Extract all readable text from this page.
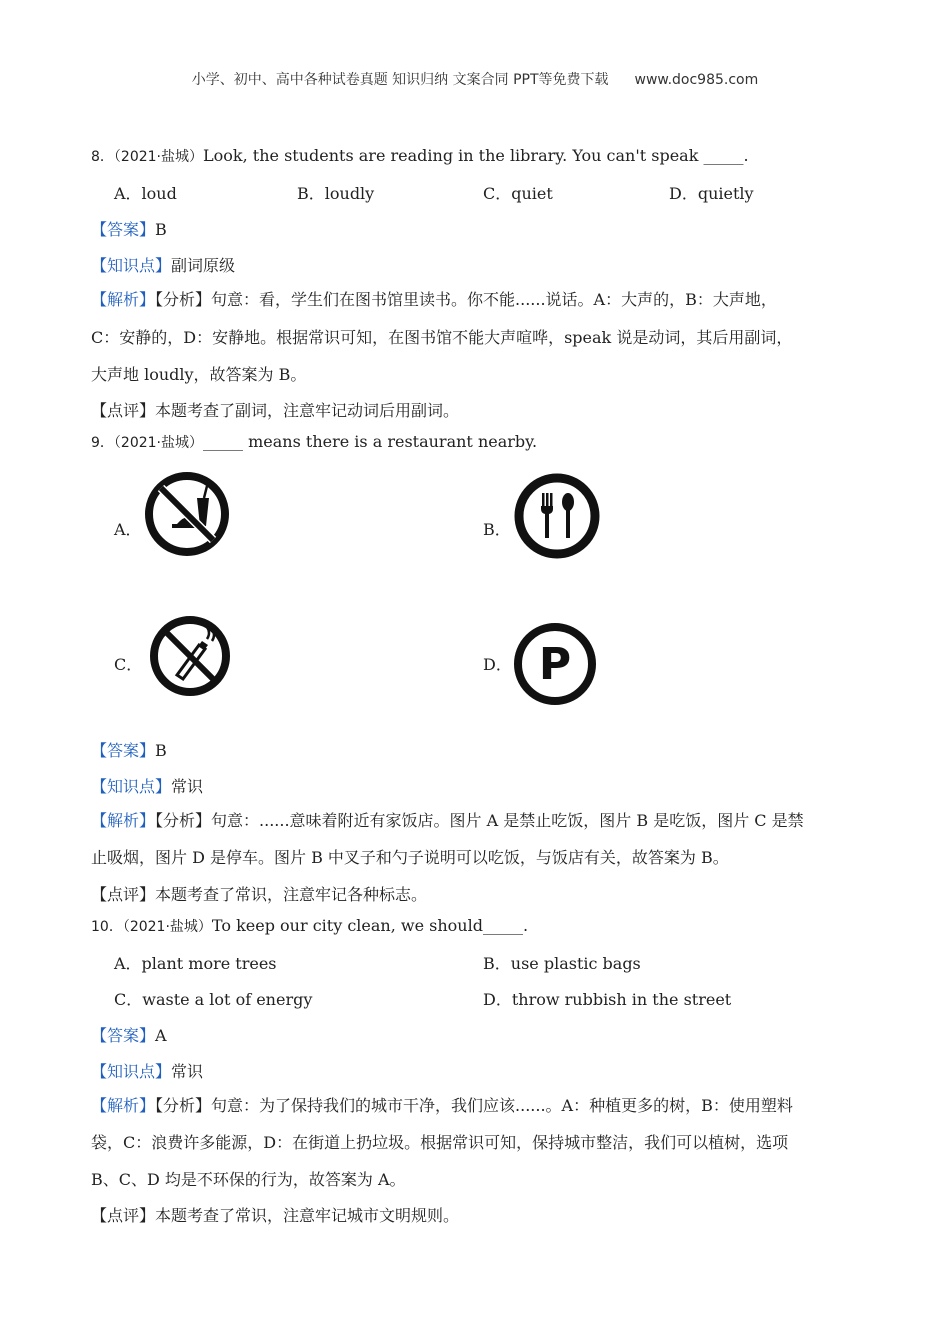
小学、初中、高中各种试卷真题 知识归纳 文案合同 PPT等免费下载 www.doc985.com
8．（2021·盐城）Look, the students are reading in the library. You can't speak _____.
A．loud	B．loudly	C．quiet	D．quietly
【答案】B
【知识点】副词原级
【解析】【分析】句意：看，学生们在图书馆里读书。你不能......说话。A：大声的，B：大声地，
C：安静的，D：安静地。根据常识可知，在图书馆不能大声喧哗，speak 说是动词，其后用副词，
大声地 loudly，故答案为 B。
【点评】本题考查了副词，注意牢记动词后用副词。
9．（2021·盐城）_____ means there is a restaurant nearby.
A．	B．
C．	D． P
【答案】B
【知识点】常识
【解析】【分析】句意：......意味着附近有家饭店。图片 A 是禁止吃饭，图片 B 是吃饭，图片 C 是禁
止吸烟，图片 D 是停车。图片 B 中叉子和勺子说明可以吃饭，与饭店有关，故答案为 B。
【点评】本题考查了常识，注意牢记各种标志。
10．（2021·盐城）To keep our city clean, we should_____.
A．plant more trees	B．use plastic bags
C．waste a lot of energy	D．throw rubbish in the street
【答案】A
【知识点】常识
【解析】【分析】句意：为了保持我们的城市干净，我们应该......。A：种植更多的树，B：使用塑料
袋，C：浪费许多能源，D：在街道上扔垃圾。根据常识可知，保持城市整洁，我们可以植树，选项
B、C、D 均是不环保的行为，故答案为 A。
【点评】本题考查了常识，注意牢记城市文明规则。
